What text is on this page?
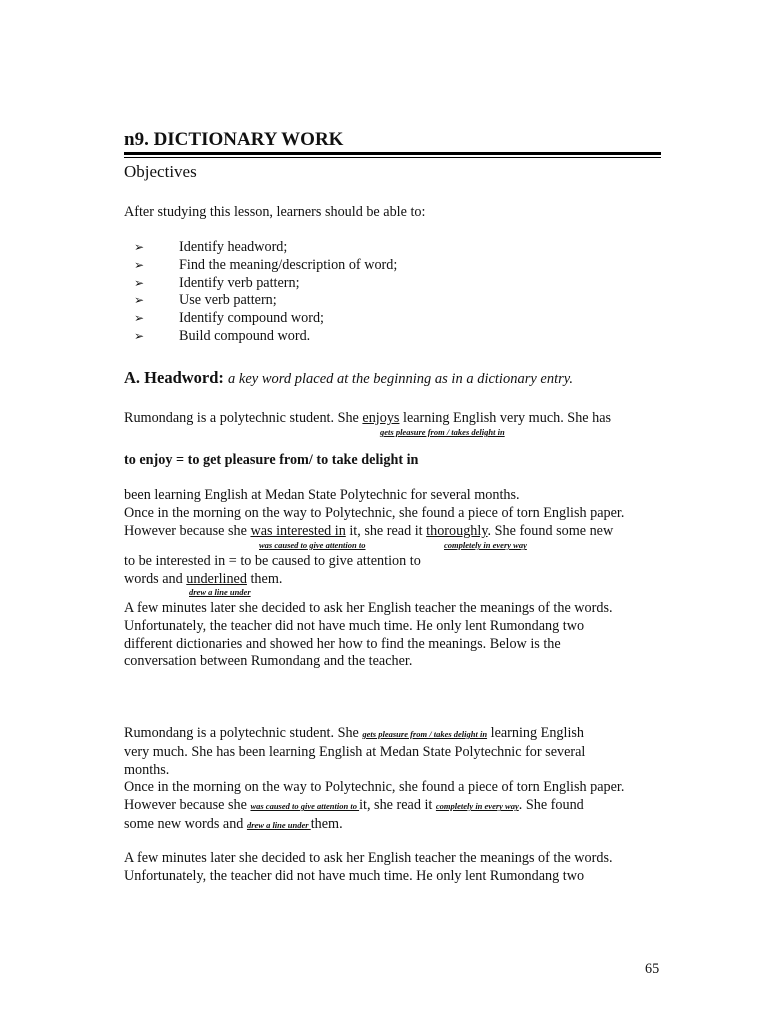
n9. DICTIONARY WORK
Objectives
After studying this lesson, learners should be able to:
➢	Identify headword;
➢	Find the meaning/description of word;
➢	Identify verb pattern;
➢	Use verb pattern;
➢	Identify compound word;
➢	Build compound word.
A. Headword: a key word placed at the beginning as in a dictionary entry.
Rumondang is a polytechnic student. She enjoys learning English very much. She has
gets pleasure from / takes delight in
to enjoy = to get pleasure from/ to take delight in
been learning English at Medan State Polytechnic for several months.
Once in the morning on the way to Polytechnic, she found a piece of torn English paper.
However because she was interested in it, she read it thoroughly. She found some new
was caused to give attention to	completely in every way
to be interested in = to be caused to give attention to
words and underlined them.
drew a line under
A few minutes later she decided to ask her English teacher the meanings of the words.
Unfortunately, the teacher did not have much time. He only lent Rumondang two
different dictionaries and showed her how to find the meanings. Below is the
conversation between Rumondang and the teacher.
Rumondang is a polytechnic student. She gets pleasure from / takes delight in learning English
very much. She has been learning English at Medan State Polytechnic for several
months.
Once in the morning on the way to Polytechnic, she found a piece of torn English paper.
However because she was caused to give attention to it, she read it completely in every way. She found
some new words and drew a line under them.
A few minutes later she decided to ask her English teacher the meanings of the words.
Unfortunately, the teacher did not have much time. He only lent Rumondang two
65
